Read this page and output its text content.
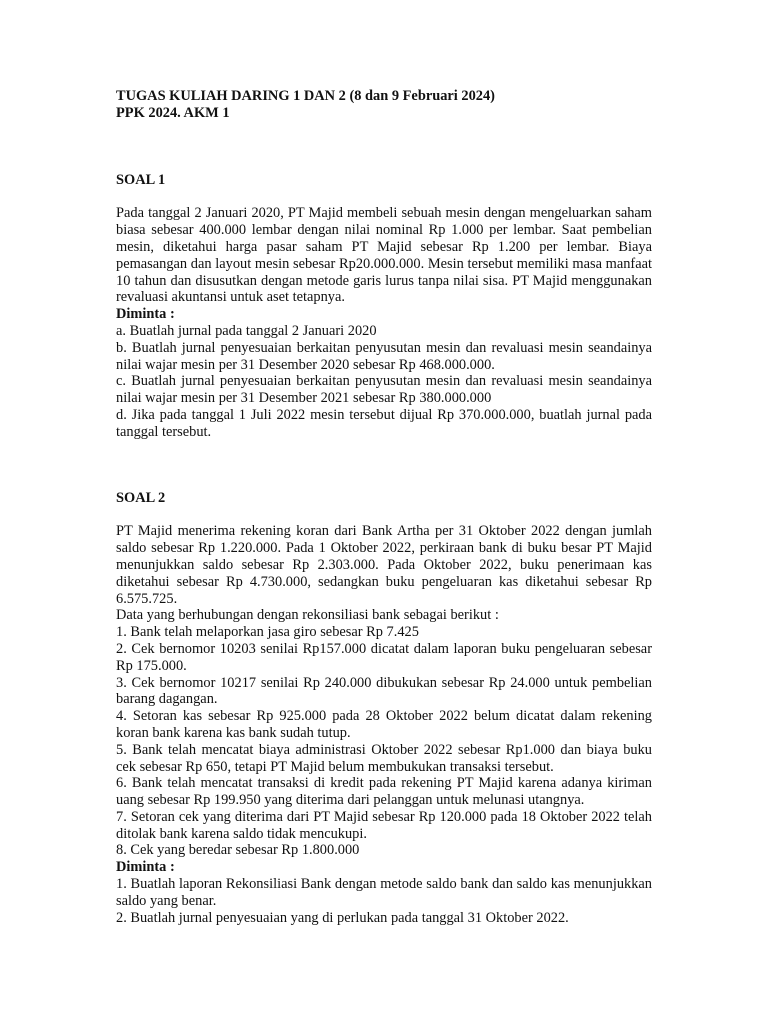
TUGAS KULIAH DARING 1 DAN 2 (8 dan 9 Februari 2024)

PPK 2024. AKM 1

SOAL 1

Pada tanggal 2 Januari 2020, PT Majid membeli sebuah mesin dengan mengeluarkan saham biasa sebesar 400.000 lembar dengan nilai nominal Rp 1.000 per lembar. Saat pembelian mesin, diketahui harga pasar saham PT Majid sebesar Rp 1.200 per lembar. Biaya pemasangan dan layout mesin sebesar Rp20.000.000. Mesin tersebut memiliki masa manfaat 10 tahun dan disusutkan dengan metode garis lurus tanpa nilai sisa. PT Majid menggunakan revaluasi akuntansi untuk aset tetapnya.

Diminta :

a. Buatlah jurnal pada tanggal 2 Januari 2020

b. Buatlah jurnal penyesuaian berkaitan penyusutan mesin dan revaluasi mesin seandainya nilai wajar mesin per 31 Desember 2020 sebesar Rp 468.000.000.

c. Buatlah jurnal penyesuaian berkaitan penyusutan mesin dan revaluasi mesin seandainya nilai wajar mesin per 31 Desember 2021 sebesar Rp 380.000.000

d. Jika pada tanggal 1 Juli 2022 mesin tersebut dijual Rp 370.000.000, buatlah jurnal pada tanggal tersebut.

SOAL 2

PT Majid menerima rekening koran dari Bank Artha per 31 Oktober 2022 dengan jumlah saldo sebesar Rp 1.220.000. Pada 1 Oktober 2022, perkiraan bank di buku besar PT Majid menunjukkan saldo sebesar Rp 2.303.000. Pada Oktober 2022, buku penerimaan kas diketahui sebesar Rp 4.730.000, sedangkan buku pengeluaran kas diketahui sebesar Rp 6.575.725.

Data yang berhubungan dengan rekonsiliasi bank sebagai berikut :

1. Bank telah melaporkan jasa giro sebesar Rp 7.425

2. Cek bernomor 10203 senilai Rp157.000 dicatat dalam laporan buku pengeluaran sebesar Rp 175.000.

3. Cek bernomor 10217 senilai Rp 240.000 dibukukan sebesar Rp 24.000 untuk pembelian barang dagangan.

4. Setoran kas sebesar Rp 925.000 pada 28 Oktober 2022 belum dicatat dalam rekening koran bank karena kas bank sudah tutup.

5. Bank telah mencatat biaya administrasi Oktober 2022 sebesar Rp1.000 dan biaya buku cek sebesar Rp 650, tetapi PT Majid belum membukukan transaksi tersebut.

6. Bank telah mencatat transaksi di kredit pada rekening PT Majid karena adanya kiriman uang sebesar Rp 199.950 yang diterima dari pelanggan untuk melunasi utangnya.

7. Setoran cek yang diterima dari PT Majid sebesar Rp 120.000 pada 18 Oktober 2022 telah ditolak bank karena saldo tidak mencukupi.

8. Cek yang beredar sebesar Rp 1.800.000

Diminta :

1. Buatlah laporan Rekonsiliasi Bank dengan metode saldo bank dan saldo kas menunjukkan saldo yang benar.

2. Buatlah jurnal penyesuaian yang di perlukan pada tanggal 31 Oktober 2022.
